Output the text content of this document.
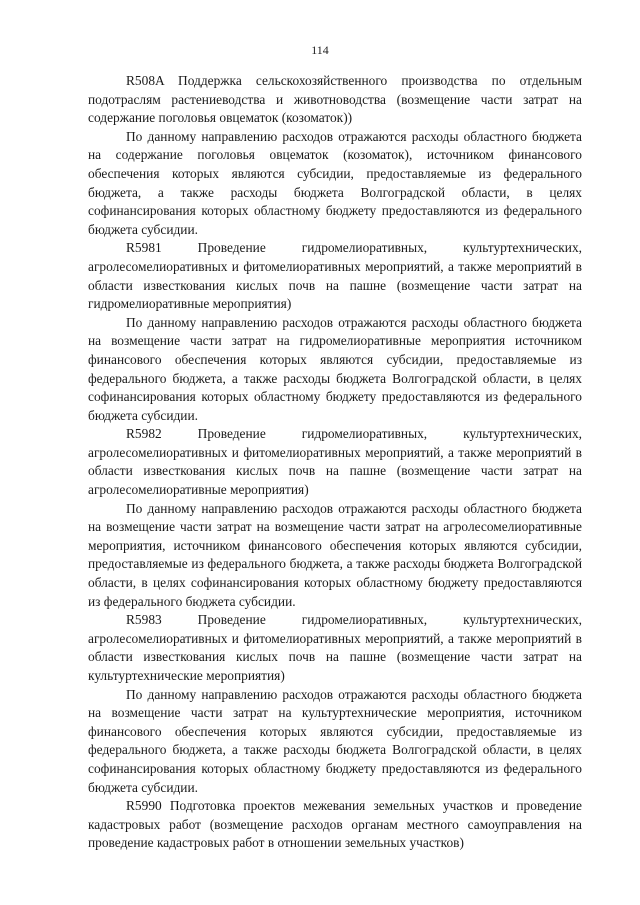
114

R508A Поддержка сельскохозяйственного производства по отдельным подотраслям растениеводства и животноводства (возмещение части затрат на содержание поголовья овцематок (козоматок))

По данному направлению расходов отражаются расходы областного бюджета на содержание поголовья овцематок (козоматок), источником финансового обеспечения которых являются субсидии, предоставляемые из федерального бюджета, а также расходы бюджета Волгоградской области, в целях софинансирования которых областному бюджету предоставляются из федерального бюджета субсидии.

R5981 Проведение гидромелиоративных, культуртехнических, агролесомелиоративных и фитомелиоративных мероприятий, а также мероприятий в области известкования кислых почв на пашне (возмещение части затрат на гидромелиоративные мероприятия)

По данному направлению расходов отражаются расходы областного бюджета на возмещение части затрат на гидромелиоративные мероприятия источником финансового обеспечения которых являются субсидии, предоставляемые из федерального бюджета, а также расходы бюджета Волгоградской области, в целях софинансирования которых областному бюджету предоставляются из федерального бюджета субсидии.

R5982 Проведение гидромелиоративных, культуртехнических, агролесомелиоративных и фитомелиоративных мероприятий, а также мероприятий в области известкования кислых почв на пашне (возмещение части затрат на агролесомелиоративные мероприятия)

По данному направлению расходов отражаются расходы областного бюджета на возмещение части затрат на возмещение части затрат на агролесомелиоративные мероприятия, источником финансового обеспечения которых являются субсидии, предоставляемые из федерального бюджета, а также расходы бюджета Волгоградской области, в целях софинансирования которых областному бюджету предоставляются из федерального бюджета субсидии.

R5983 Проведение гидромелиоративных, культуртехнических, агролесомелиоративных и фитомелиоративных мероприятий, а также мероприятий в области известкования кислых почв на пашне (возмещение части затрат на культуртехнические мероприятия)

По данному направлению расходов отражаются расходы областного бюджета на возмещение части затрат на культуртехнические мероприятия, источником финансового обеспечения которых являются субсидии, предоставляемые из федерального бюджета, а также расходы бюджета Волгоградской области, в целях софинансирования которых областному бюджету предоставляются из федерального бюджета субсидии.

R5990 Подготовка проектов межевания земельных участков и проведение кадастровых работ (возмещение расходов органам местного самоуправления на проведение кадастровых работ в отношении земельных участков)
